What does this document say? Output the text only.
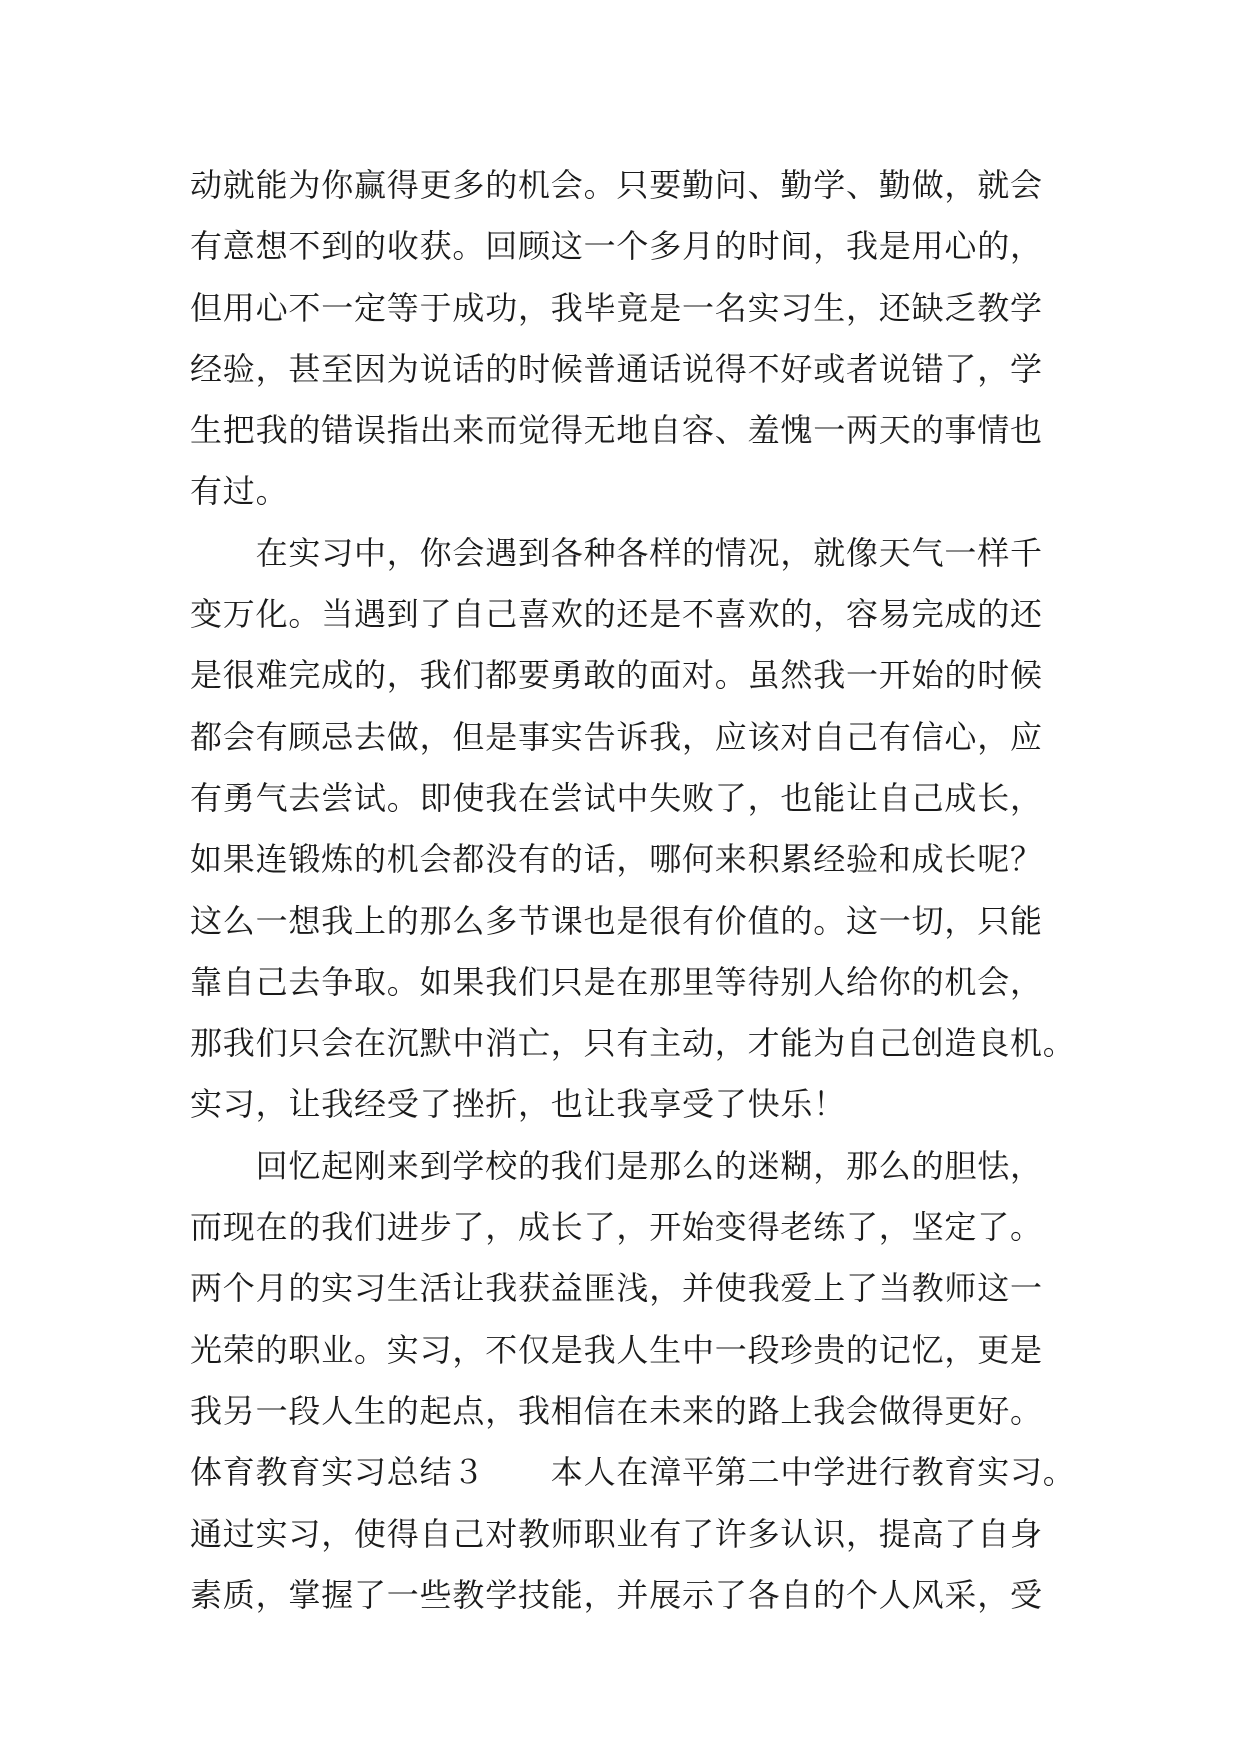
动就能为你赢得更多的机会。只要勤问、勤学、勤做，就会
有意想不到的收获。回顾这一个多月的时间，我是用心的，
但用心不一定等于成功，我毕竟是一名实习生，还缺乏教学
经验，甚至因为说话的时候普通话说得不好或者说错了，学
生把我的错误指出来而觉得无地自容、羞愧一两天的事情也
有过。
　　在实习中，你会遇到各种各样的情况，就像天气一样千
变万化。当遇到了自己喜欢的还是不喜欢的，容易完成的还
是很难完成的，我们都要勇敢的面对。虽然我一开始的时候
都会有顾忌去做，但是事实告诉我，应该对自己有信心，应
有勇气去尝试。即使我在尝试中失败了，也能让自己成长，
如果连锻炼的机会都没有的话，哪何来积累经验和成长呢？
这么一想我上的那么多节课也是很有价值的。这一切，只能
靠自己去争取。如果我们只是在那里等待别人给你的机会，
那我们只会在沉默中消亡，只有主动，才能为自己创造良机。
实习，让我经受了挫折，也让我享受了快乐！
　　回忆起刚来到学校的我们是那么的迷糊，那么的胆怯，
而现在的我们进步了，成长了，开始变得老练了，坚定了。
两个月的实习生活让我获益匪浅，并使我爱上了当教师这一
光荣的职业。实习，不仅是我人生中一段珍贵的记忆，更是
我另一段人生的起点，我相信在未来的路上我会做得更好。
体育教育实习总结３　　本人在漳平第二中学进行教育实习。
通过实习，使得自己对教师职业有了许多认识，提高了自身
素质，掌握了一些教学技能，并展示了各自的个人风采，受
